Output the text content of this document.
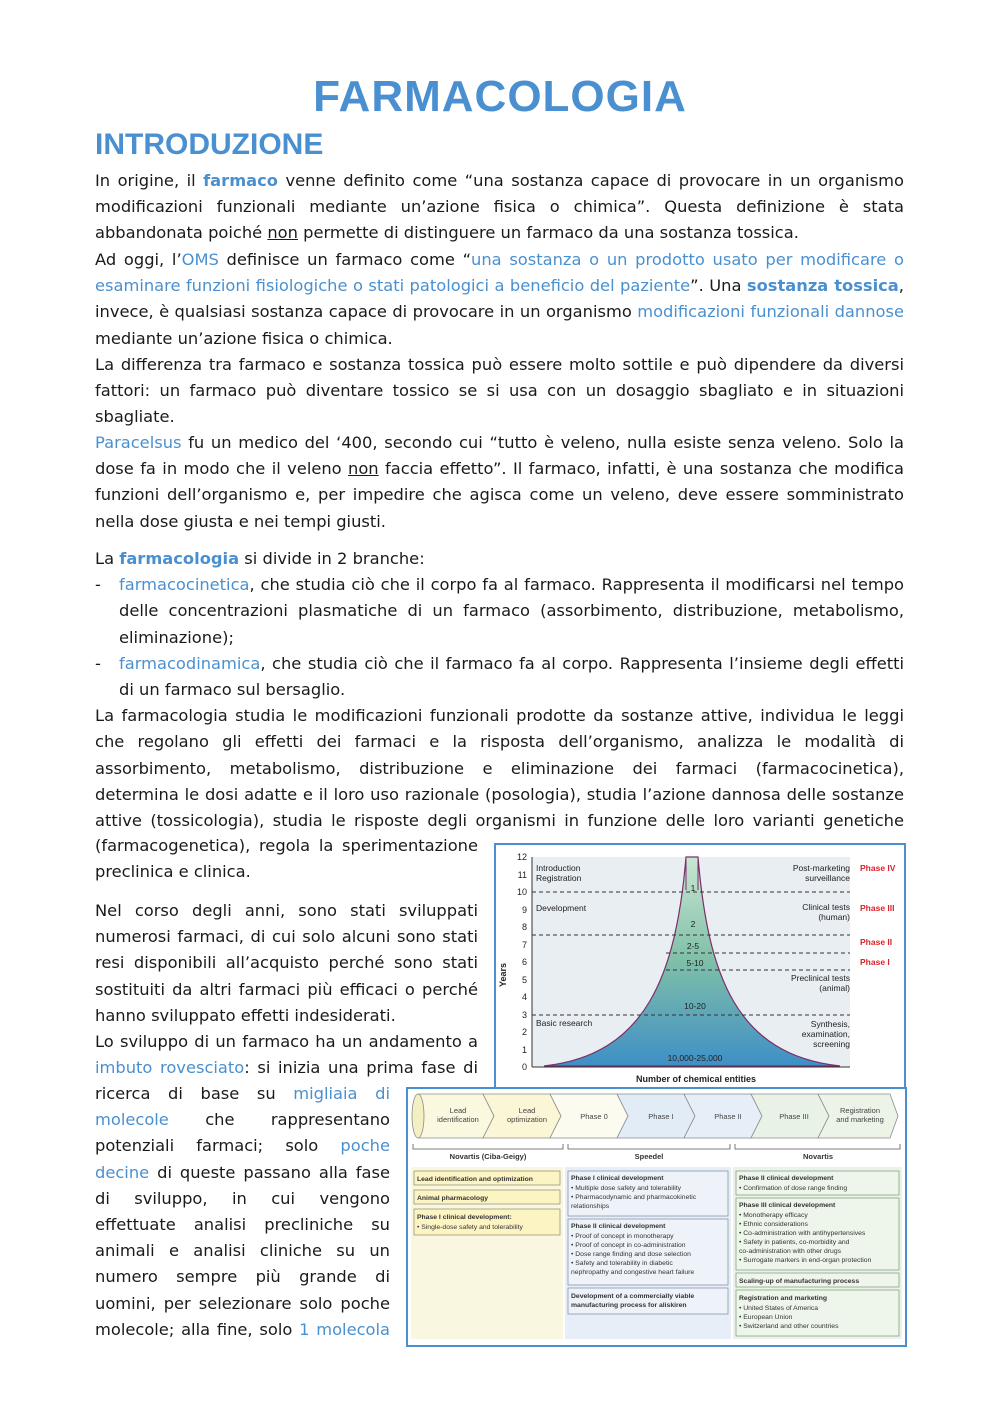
FARMACOLOGIA
INTRODUZIONE
In origine, il farmaco venne definito come “una sostanza capace di provocare in un organismo
modificazioni funzionali mediante un’azione fisica o chimica”. Questa definizione è stata
abbandonata poiché non permette di distinguere un farmaco da una sostanza tossica.
Ad oggi, l’OMS definisce un farmaco come “una sostanza o un prodotto usato per modificare o
esaminare funzioni fisiologiche o stati patologici a beneficio del paziente”. Una sostanza tossica,
invece, è qualsiasi sostanza capace di provocare in un organismo modificazioni funzionali dannose
mediante un’azione fisica o chimica.
La differenza tra farmaco e sostanza tossica può essere molto sottile e può dipendere da diversi
fattori: un farmaco può diventare tossico se si usa con un dosaggio sbagliato e in situazioni
sbagliate.
Paracelsus fu un medico del ‘400, secondo cui “tutto è veleno, nulla esiste senza veleno. Solo la
dose fa in modo che il veleno non faccia effetto”. Il farmaco, infatti, è una sostanza che modifica
funzioni dell’organismo e, per impedire che agisca come un veleno, deve essere somministrato
nella dose giusta e nei tempi giusti.
La farmacologia si divide in 2 branche:
- farmacocinetica, che studia ciò che il corpo fa al farmaco. Rappresenta il modificarsi nel tempo
delle concentrazioni plasmatiche di un farmaco (assorbimento, distribuzione, metabolismo,
eliminazione);
- farmacodinamica, che studia ciò che il farmaco fa al corpo. Rappresenta l’insieme degli effetti
di un farmaco sul bersaglio.
La farmacologia studia le modificazioni funzionali prodotte da sostanze attive, individua le leggi
che regolano gli effetti dei farmaci e la risposta dell’organismo, analizza le modalità di
assorbimento, metabolismo, distribuzione e eliminazione dei farmaci (farmacocinetica),
determina le dosi adatte e il loro uso razionale (posologia), studia l’azione dannosa delle sostanze
attive (tossicologia), studia le risposte degli organismi in funzione delle loro varianti genetiche
(farmacogenetica), regola la sperimentazione
preclinica e clinica.
Nel corso degli anni, sono stati sviluppati
numerosi farmaci, di cui solo alcuni sono stati
resi disponibili all’acquisto perché sono stati
sostituiti da altri farmaci più efficaci o perché
hanno sviluppato effetti indesiderati.
Lo sviluppo di un farmaco ha un andamento a
imbuto rovesciato: si inizia una prima fase di
ricerca di base su migliaia di
molecole che rappresentano
potenziali farmaci; solo poche
decine di queste passano alla fase
di sviluppo, in cui vengono
effettuate analisi precliniche su
animali e analisi cliniche su un
numero sempre più grande di
uomini, per selezionare solo poche
molecole; alla fine, solo 1 molecola
0
1
2
3
4
5
6
7
8
9
10
11
12
Years
Number of chemical entities
Introduction
Registration
Development
Basic research
Post-marketing
surveillance
Clinical tests
(human)
Preclinical tests
(animal)
Synthesis,
examination,
screening
Phase IV
Phase III
Phase II
Phase I
1
2
2-5
5-10
10-20
10,000-25,000
Lead
identification
Lead
optimization	Phase 0	Phase I	Phase II	Phase III
Registration
and marketing
Novartis (Ciba-Geigy)	Speedel	Novartis
Lead identification and optimization
Animal pharmacology
Phase I clinical development:
• Single-dose safety and tolerability
Phase I clinical development
• Multiple dose safety and tolerability
• Pharmacodynamic and pharmacokinetic
relationships
Phase II clinical development
• Proof of concept in monotherapy
• Proof of concept in co-administration
• Dose range finding and dose selection
• Safety and tolerability in diabetic
nephropathy and congestive heart failure
Development of a commercially viable
manufacturing process for aliskiren
Phase II clinical development
• Confirmation of dose range finding
Phase III clinical development
• Monotherapy efficacy
• Ethnic considerations
• Co-administration with antihypertensives
• Safety in patients, co-morbidity and
co-administration with other drugs
• Surrogate markers in end-organ protection
Scaling-up of manufacturing process
Registration and marketing
• United States of America
• European Union
• Switzerland and other countries
